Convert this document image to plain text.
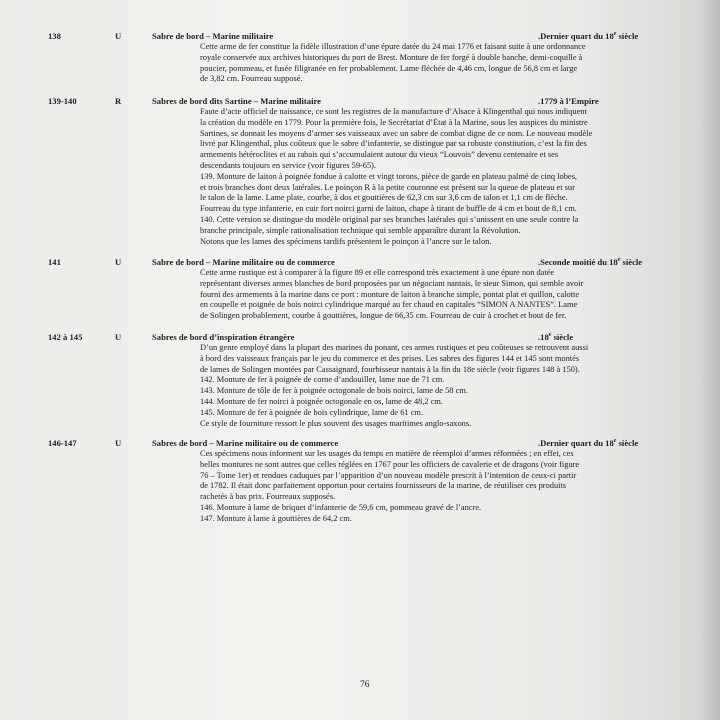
138	U	Sabre de bord – Marine militaire	.Dernier quart du 18e siècle
Cette arme de fer constitue la fidèle illustration d’une épure datée du 24 mai 1776 et faisant suite à une ordonnance
royale conservée aux archives historiques du port de Brest. Monture de fer forgé à double banche, demi-coquille à
poucier, pommeau, et fusée filigranée en fer probablement. Lame fléchée de 4,46 cm, longue de 56,8 cm et large
de 3,82 cm. Fourreau supposé.
139-140	R	Sabres de bord dits Sartine – Marine militaire	.1779 à l’Empire
Faute d’acte officiel de naissance, ce sont les registres de la manufacture d’Alsace à Klingenthal qui nous indiquent
la création du modèle en 1779. Pour la première fois, le Secrétariat d’État à la Marine, sous les auspices du ministre
Sartines, se donnait les moyens d’armer ses vaisseaux avec un sabre de combat digne de ce nom. Le nouveau modèle
livré par Klingenthal, plus coûteux que le sabre d’infanterie, se distingue par sa robuste constitution, c’est la fin des
armements hétéroclites et au rabais qui s’accumulaient autour du vieux “Louvois” devenu centenaire et ses
descendants toujours en service (voir figures 59-65).
139. Monture de laiton à poignée fondue à calotte et vingt torons, pièce de garde en plateau palmé de cinq lobes,
et trois branches dont deux latérales. Le poinçon R à la petite couronne est présent sur la queue de plateau et sur
le talon de la lame. Lame plate, courbe, à dos et gouttières de 62,3 cm sur 3,6 cm de talon et 1,1 cm de flèche.
Fourreau du type infanterie, en cuir fort noirci garni de laiton, chape à tirant de buffle de 4 cm et bout de 8,1 cm.
140. Cette version se distingue du modèle original par ses branches latérales qui s’unissent en une seule contre la
branche principale, simple rationalisation technique qui semble apparaître durant la Révolution.
Notons que les lames des spécimens tardifs présentent le poinçon à l’ancre sur le talon.
141	U	Sabre de bord – Marine militaire ou de commerce	.Seconde moitié du 18e siècle
Cette arme rustique est à comparer à la figure 89 et elle correspond très exactement à une épure non datée
représentant diverses armes blanches de bord proposées par un négociant nantais, le sieur Simon, qui semble avoir
fourni des armements à la marine dans ce port : monture de laiton à branche simple, pontat plat et quillon, calotte
en coupelle et poignée de bois noirci cylindrique marqué au fer chaud en capitales “SIMON A NANTES”. Lame
de Solingen probablement, courbe à gouttières, longue de 66,35 cm. Fourreau de cuir à crochet et bout de fer.
142 à 145	U	Sabres de bord d’inspiration étrangère	.18e siècle
D’un genre employé dans la plupart des marines du ponant, ces armes rustiques et peu coûteuses se retrouvent aussi
à bord des vaisseaux français par le jeu du commerce et des prises. Les sabres des figures 144 et 145 sont montés
de lames de Solingen montées par Cassaignard, fourbisseur nantais à la fin du 18e siècle (voir figures 148 à 150).
142. Monture de fer à poignée de corne d’andouiller, lame nue de 71 cm.
143. Monture de tôle de fer à poignée octogonale de bois noirci, lame de 58 cm.
144. Monture de fer noirci à poignée octogonale en os, lame de 48,2 cm.
145. Monture de fer à poignée de bois cylindrique, lame de 61 cm.
Ce style de fourniture ressort le plus souvent des usages maritimes anglo-saxons.
146-147	U	Sabres de bord – Marine militaire ou de commerce	.Dernier quart du 18e siècle
Ces spécimens nous informent sur les usages du temps en matière de réemploi d’armes réformées ; en effet, ces
belles montures ne sont autres que celles réglées en 1767 pour les officiers de cavalerie et de dragons (voir figure
76 – Tome 1er) et rendues caduques par l’apparition d’un nouveau modèle prescrit à l’intention de ceux-ci partir
de 1782. Il était donc parfaitement opportun pour certains fournisseurs de la marine, de réutiliser ces produits
rachetés à bas prix. Fourreaux supposés.
146. Monture à lame de briquet d’infanterie de 59,6 cm, pommeau gravé de l’ancre.
147. Monture à lame à gouttières de 64,2 cm.
76
